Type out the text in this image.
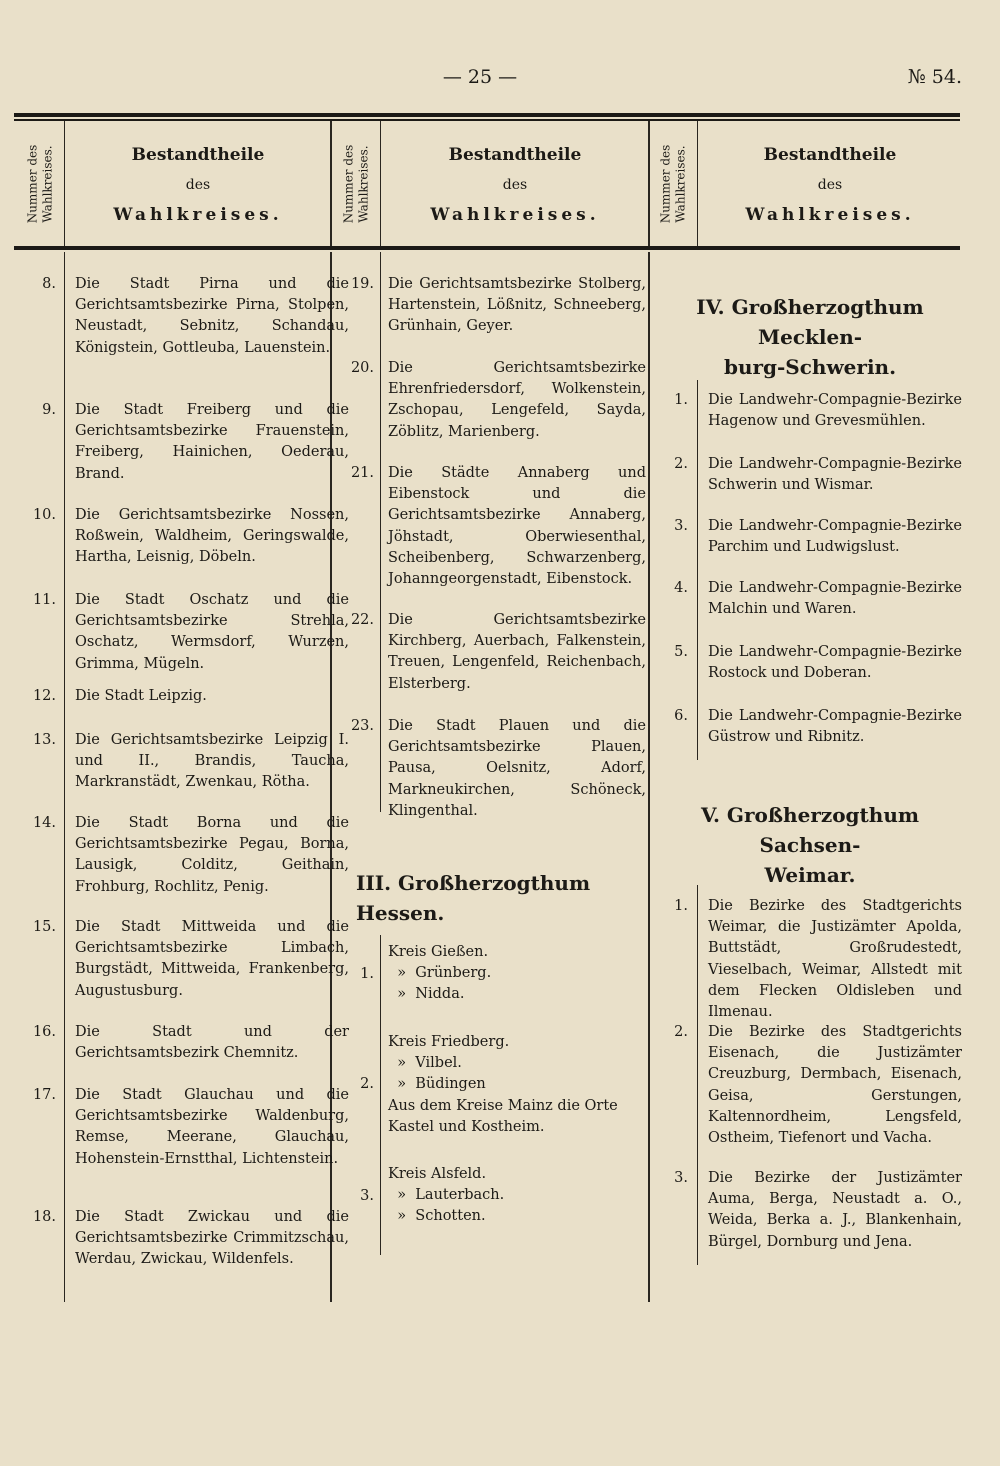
— 25 —	№ 54.
Nummer des
Wahlkreises.	Bestandtheile
des
Wahlkreises.	Nummer des
Wahlkreises.	Bestandtheile
des
Wahlkreises.	Nummer des
Wahlkreises.	Bestandtheile
des
Wahlkreises.
8. Die Stadt Pirna und die Gerichtsamtsbezirke Pirna, Stolpen, Neustadt, Sebnitz, Schandau, Königstein, Gottleuba, Lauenstein.
9. Die Stadt Freiberg und die Gerichtsamtsbezirke Frauenstein, Freiberg, Hainichen, Oederau, Brand.
10. Die Gerichtsamtsbezirke Nossen, Roßwein, Waldheim, Geringswalde, Hartha, Leisnig, Döbeln.
11. Die Stadt Oschatz und die Gerichtsamtsbezirke Strehla, Oschatz, Wermsdorf, Wurzen, Grimma, Mügeln.
12. Die Stadt Leipzig.
13. Die Gerichtsamtsbezirke Leipzig I. und II., Brandis, Taucha, Markranstädt, Zwenkau, Rötha.
14. Die Stadt Borna und die Gerichtsamtsbezirke Pegau, Borna, Lausigk, Colditz, Geithain, Frohburg, Rochlitz, Penig.
15. Die Stadt Mittweida und die Gerichtsamtsbezirke Limbach, Burgstädt, Mittweida, Frankenberg, Augustusburg.
16. Die Stadt und der Gerichtsamtsbezirk Chemnitz.
17. Die Stadt Glauchau und die Gerichtsamtsbezirke Waldenburg, Remse, Meerane, Glauchau, Hohenstein-Ernstthal, Lichtenstein.
18. Die Stadt Zwickau und die Gerichtsamtsbezirke Crimmitzschau, Werdau, Zwickau, Wildenfels.
19. Die Gerichtsamtsbezirke Stolberg, Hartenstein, Lößnitz, Schneeberg, Grünhain, Geyer.
20. Die Gerichtsamtsbezirke Ehrenfriedersdorf, Wolkenstein, Zschopau, Lengefeld, Sayda, Zöblitz, Marienberg.
21. Die Städte Annaberg und Eibenstock und die Gerichtsamtsbezirke Annaberg, Jöhstadt, Oberwiesenthal, Scheibenberg, Schwarzenberg, Johanngeorgenstadt, Eibenstock.
22. Die Gerichtsamtsbezirke Kirchberg, Auerbach, Falkenstein, Treuen, Lengenfeld, Reichenbach, Elsterberg.
23. Die Stadt Plauen und die Gerichtsamtsbezirke Plauen, Pausa, Oelsnitz, Adorf, Markneukirchen, Schöneck, Klingenthal.
III. Großherzogthum Hessen.
1.
Kreis Gießen.
»  Grünberg.
»  Nidda.
2.
Kreis Friedberg.
»  Vilbel.
»  Büdingen
Aus dem Kreise Mainz die Orte
Kastel und Kostheim.
3.
Kreis Alsfeld.
»  Lauterbach.
»  Schotten.
IV. Großherzogthum Mecklen-
burg-Schwerin.
1. Die Landwehr-Compagnie-Bezirke Hagenow und Grevesmühlen.
2. Die Landwehr-Compagnie-Bezirke Schwerin und Wismar.
3. Die Landwehr-Compagnie-Bezirke Parchim und Ludwigslust.
4. Die Landwehr-Compagnie-Bezirke Malchin und Waren.
5. Die Landwehr-Compagnie-Bezirke Rostock und Doberan.
6. Die Landwehr-Compagnie-Bezirke Güstrow und Ribnitz.
V. Großherzogthum Sachsen-
Weimar.
1. Die Bezirke des Stadtgerichts Weimar, die Justizämter Apolda, Buttstädt, Großrudestedt, Vieselbach, Weimar, Allstedt mit dem Flecken Oldisleben und Ilmenau.
2. Die Bezirke des Stadtgerichts Eisenach, die Justizämter Creuzburg, Dermbach, Eisenach, Geisa, Gerstungen, Kaltennordheim, Lengsfeld, Ostheim, Tiefenort und Vacha.
3. Die Bezirke der Justizämter Auma, Berga, Neustadt a. O., Weida, Berka a. J., Blankenhain, Bürgel, Dornburg und Jena.
